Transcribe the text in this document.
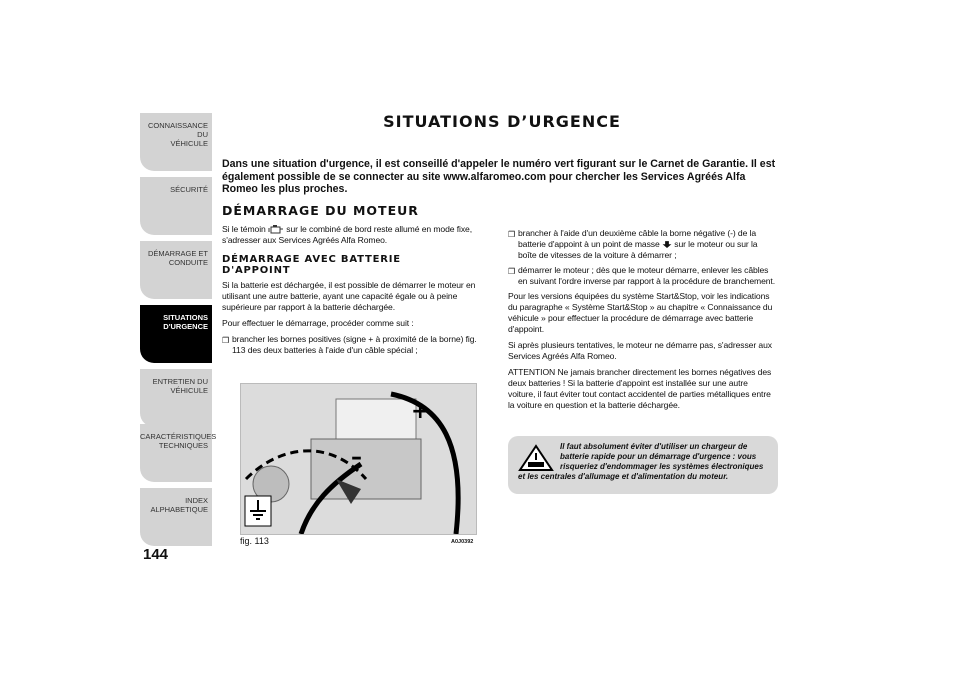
CONNAISSANCE DU
VÉHICULE
SÉCURITÉ
DÉMARRAGE ET
CONDUITE
SITUATIONS
D'URGENCE
ENTRETIEN DU
VÉHICULE
CARACTÉRISTIQUES
TECHNIQUES
INDEX
ALPHABETIQUE
144
SITUATIONS D’URGENCE
Dans une situation d'urgence, il est conseillé d'appeler le numéro vert figurant sur le Carnet de Garantie. Il est également possible de se connecter au site www.alfaromeo.com pour chercher les Services Agréés Alfa Romeo les plus proches.
DÉMARRAGE DU MOTEUR

Si le témoin sur le combiné de bord reste allumé en mode fixe, s'adresser aux Services Agréés Alfa Romeo.

DÉMARRAGE AVEC BATTERIE D'APPOINT

Si la batterie est déchargée, il est possible de démarrer le moteur en utilisant une autre batterie, ayant une capacité égale ou à peine supérieure par rapport à la batterie déchargée.

Pour effectuer le démarrage, procéder comme suit :

❒ brancher les bornes positives (signe + à proximité de la borne) fig. 113 des deux batteries à l'aide d'un câble spécial ;
+
–
fig. 113	A0J0392
❒ brancher à l'aide d'un deuxième câble la borne négative (-) de la batterie d'appoint à un point de masse sur le moteur ou sur la boîte de vitesses de la voiture à démarrer ;
❒ démarrer le moteur ; dès que le moteur démarre, enlever les câbles en suivant l'ordre inverse par rapport à la procédure de branchement.

Pour les versions équipées du système Start&Stop, voir les indications du paragraphe « Système Start&Stop » au chapitre « Connaissance du véhicule » pour effectuer la procédure de démarrage avec batterie d'appoint.

Si après plusieurs tentatives, le moteur ne démarre pas, s'adresser aux Services Agréés Alfa Romeo.

ATTENTION Ne jamais brancher directement les bornes négatives des deux batteries ! Si la batterie d'appoint est installée sur une autre voiture, il faut éviter tout contact accidentel de parties métalliques entre la voiture en question et la batterie déchargée.

Il faut absolument éviter d'utiliser un chargeur de batterie rapide pour un démarrage d'urgence : vous risqueriez d'endommager les systèmes électroniques et les centrales d'allumage et d'alimentation du moteur.
